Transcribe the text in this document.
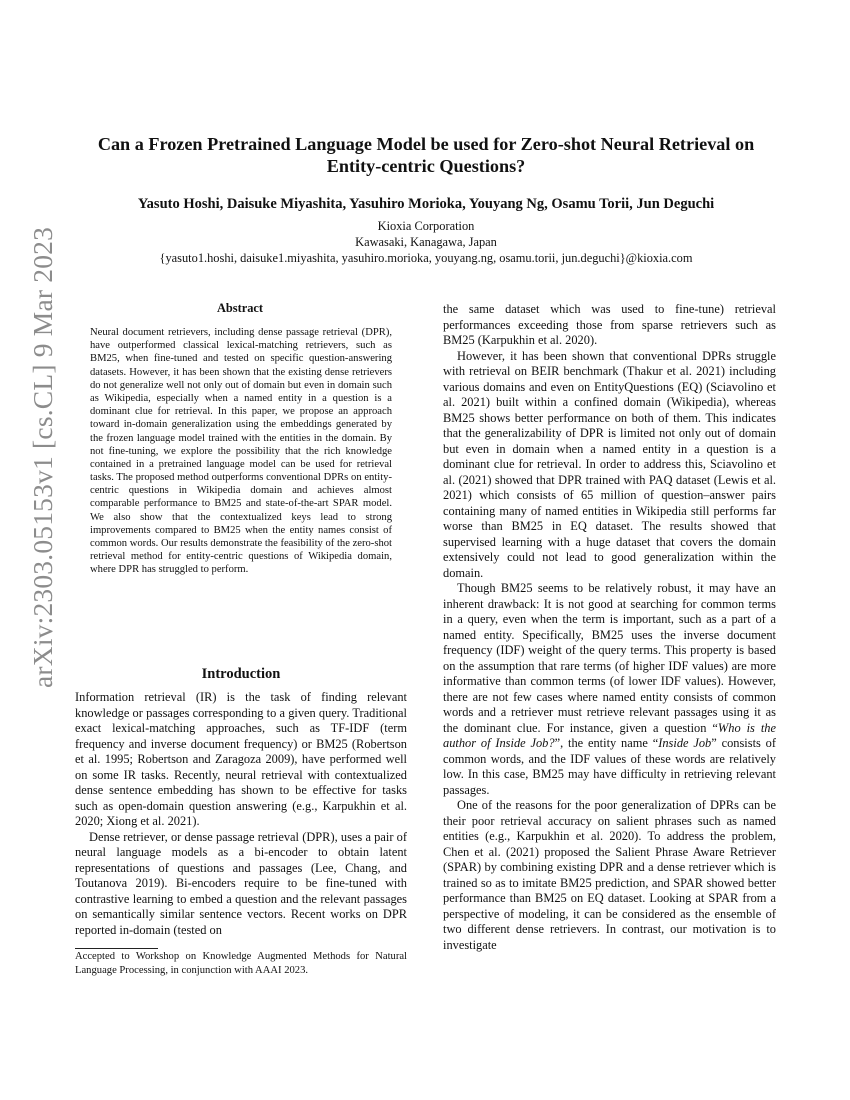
arXiv:2303.05153v1 [cs.CL] 9 Mar 2023
Can a Frozen Pretrained Language Model be used for Zero-shot Neural Retrieval on Entity-centric Questions?
Yasuto Hoshi, Daisuke Miyashita, Yasuhiro Morioka, Youyang Ng, Osamu Torii, Jun Deguchi
Kioxia Corporation
Kawasaki, Kanagawa, Japan
{yasuto1.hoshi, daisuke1.miyashita, yasuhiro.morioka, youyang.ng, osamu.torii, jun.deguchi}@kioxia.com
Abstract
Neural document retrievers, including dense passage retrieval (DPR), have outperformed classical lexical-matching retrievers, such as BM25, when fine-tuned and tested on specific question-answering datasets. However, it has been shown that the existing dense retrievers do not generalize well not only out of domain but even in domain such as Wikipedia, especially when a named entity in a question is a dominant clue for retrieval. In this paper, we propose an approach toward in-domain generalization using the embeddings generated by the frozen language model trained with the entities in the domain. By not fine-tuning, we explore the possibility that the rich knowledge contained in a pretrained language model can be used for retrieval tasks. The proposed method outperforms conventional DPRs on entity-centric questions in Wikipedia domain and achieves almost comparable performance to BM25 and state-of-the-art SPAR model. We also show that the contextualized keys lead to strong improvements compared to BM25 when the entity names consist of common words. Our results demonstrate the feasibility of the zero-shot retrieval method for entity-centric questions of Wikipedia domain, where DPR has struggled to perform.
Introduction

Information retrieval (IR) is the task of finding relevant knowledge or passages corresponding to a given query. Traditional exact lexical-matching approaches, such as TF-IDF (term frequency and inverse document frequency) or BM25 (Robertson et al. 1995; Robertson and Zaragoza 2009), have performed well on some IR tasks. Recently, neural retrieval with contextualized dense sentence embedding has shown to be effective for tasks such as open-domain question answering (e.g., Karpukhin et al. 2020; Xiong et al. 2021).

Dense retriever, or dense passage retrieval (DPR), uses a pair of neural language models as a bi-encoder to obtain latent representations of questions and passages (Lee, Chang, and Toutanova 2019). Bi-encoders require to be fine-tuned with contrastive learning to embed a question and the relevant passages on semantically similar sentence vectors. Recent works on DPR reported in-domain (tested on

Accepted to Workshop on Knowledge Augmented Methods for Natural Language Processing, in conjunction with AAAI 2023.

the same dataset which was used to fine-tune) retrieval performances exceeding those from sparse retrievers such as BM25 (Karpukhin et al. 2020).

However, it has been shown that conventional DPRs struggle with retrieval on BEIR benchmark (Thakur et al. 2021) including various domains and even on EntityQuestions (EQ) (Sciavolino et al. 2021) built within a confined domain (Wikipedia), whereas BM25 shows better performance on both of them. This indicates that the generalizability of DPR is limited not only out of domain but even in domain when a named entity in a question is a dominant clue for retrieval. In order to address this, Sciavolino et al. (2021) showed that DPR trained with PAQ dataset (Lewis et al. 2021) which consists of 65 million of question–answer pairs containing many of named entities in Wikipedia still performs far worse than BM25 in EQ dataset. The results showed that supervised learning with a huge dataset that covers the domain extensively could not lead to good generalization within the domain.

Though BM25 seems to be relatively robust, it may have an inherent drawback: It is not good at searching for common terms in a query, even when the term is important, such as a part of a named entity. Specifically, BM25 uses the inverse document frequency (IDF) weight of the query terms. This property is based on the assumption that rare terms (of higher IDF values) are more informative than common terms (of lower IDF values). However, there are not few cases where named entity consists of common words and a retriever must retrieve relevant passages using it as the dominant clue. For instance, given a question “Who is the author of Inside Job?”, the entity name “Inside Job” consists of common words, and the IDF values of these words are relatively low. In this case, BM25 may have difficulty in retrieving relevant passages.

One of the reasons for the poor generalization of DPRs can be their poor retrieval accuracy on salient phrases such as named entities (e.g., Karpukhin et al. 2020). To address the problem, Chen et al. (2021) proposed the Salient Phrase Aware Retriever (SPAR) by combining existing DPR and a dense retriever which is trained so as to imitate BM25 prediction, and SPAR showed better performance than BM25 on EQ dataset. Looking at SPAR from a perspective of modeling, it can be considered as the ensemble of two different dense retrievers. In contrast, our motivation is to investigate
